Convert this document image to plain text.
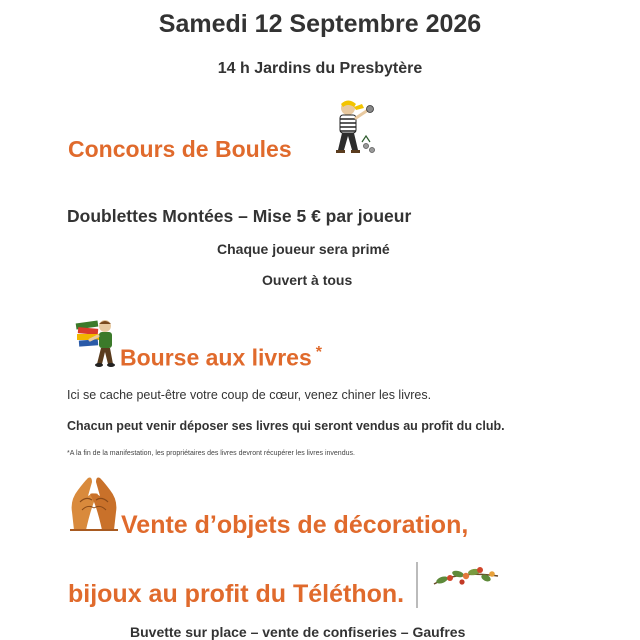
Samedi 12 Septembre 2026
14 h Jardins du Presbytère
Concours de Boules
Doublettes Montées – Mise 5 € par joueur
Chaque joueur sera primé
Ouvert à tous
Bourse aux livres *
Ici se cache peut-être votre coup de cœur, venez chiner les livres.
Chacun peut venir déposer ses livres qui seront vendus au profit du club.
*A la fin de la manifestation, les propriétaires des livres devront récupérer les livres invendus.
Vente d’objets de décoration,
bijoux au profit du Téléthon.
Buvette sur place – vente de confiseries – Gaufres
